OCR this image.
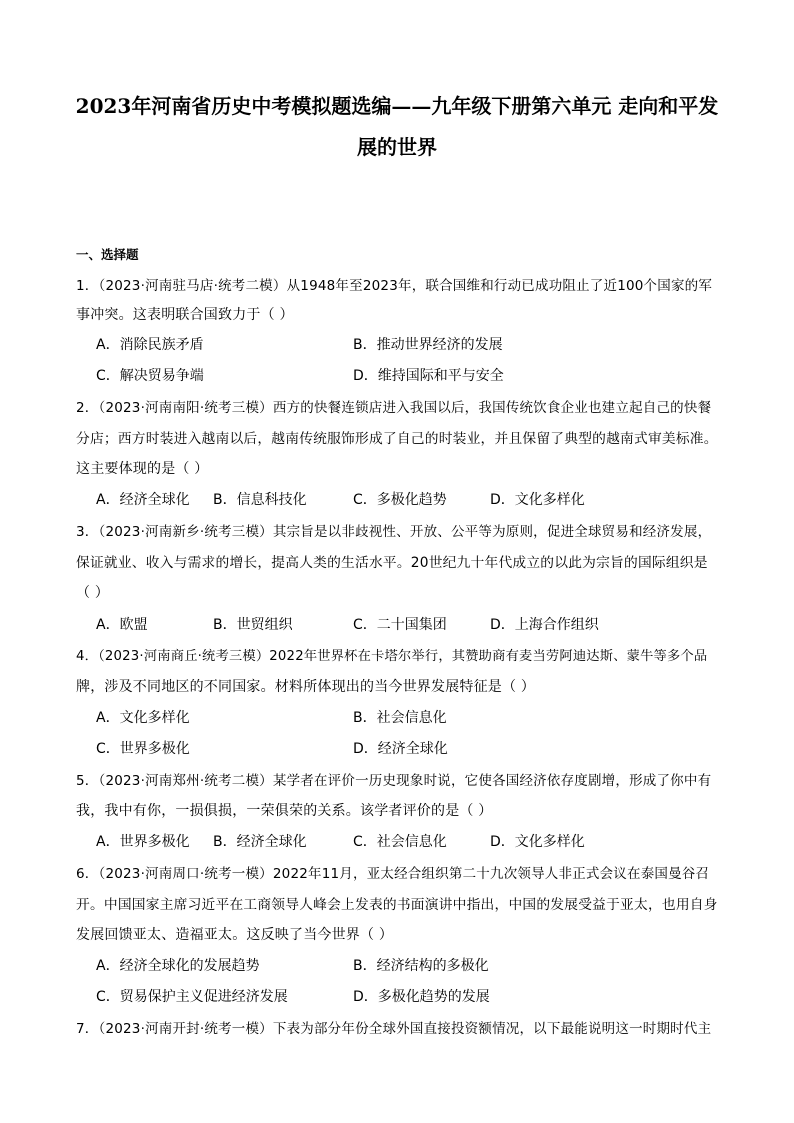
2023年河南省历史中考模拟题选编——九年级下册第六单元 走向和平发
展的世界
一、选择题
1．（2023·河南驻马店·统考二模）从1948年至2023年，联合国维和行动已成功阻止了近100个国家的军
事冲突。这表明联合国致力于（ ）
A．消除民族矛盾	B．推动世界经济的发展
C．解决贸易争端	D．维持国际和平与安全
2．（2023·河南南阳·统考三模）西方的快餐连锁店进入我国以后，我国传统饮食企业也建立起自己的快餐
分店；西方时装进入越南以后，越南传统服饰形成了自己的时装业，并且保留了典型的越南式审美标准。
这主要体现的是（ ）
A．经济全球化 B．信息科技化	C．多极化趋势	D．文化多样化
3．（2023·河南新乡·统考三模）其宗旨是以非歧视性、开放、公平等为原则，促进全球贸易和经济发展，
保证就业、收入与需求的增长，提高人类的生活水平。20世纪九十年代成立的以此为宗旨的国际组织是
（ ）
A．欧盟	B．世贸组织	C．二十国集团	D．上海合作组织
4．（2023·河南商丘·统考三模）2022年世界杯在卡塔尔举行，其赞助商有麦当劳阿迪达斯、蒙牛等多个品
牌，涉及不同地区的不同国家。材料所体现出的当今世界发展特征是（ ）
A．文化多样化	B．社会信息化
C．世界多极化	D．经济全球化
5．（2023·河南郑州·统考二模）某学者在评价一历史现象时说，它使各国经济依存度剧增，形成了你中有
我，我中有你，一损俱损，一荣俱荣的关系。该学者评价的是（ ）
A．世界多极化 B．经济全球化	C．社会信息化	D．文化多样化
6．（2023·河南周口·统考一模）2022年11月，亚太经合组织第二十九次领导人非正式会议在泰国曼谷召
开。中国国家主席习近平在工商领导人峰会上发表的书面演讲中指出，中国的发展受益于亚太，也用自身
发展回馈亚太、造福亚太。这反映了当今世界（ ）
A．经济全球化的发展趋势	B．经济结构的多极化
C．贸易保护主义促进经济发展	D．多极化趋势的发展
7．（2023·河南开封·统考一模）下表为部分年份全球外国直接投资额情况，以下最能说明这一时期时代主
